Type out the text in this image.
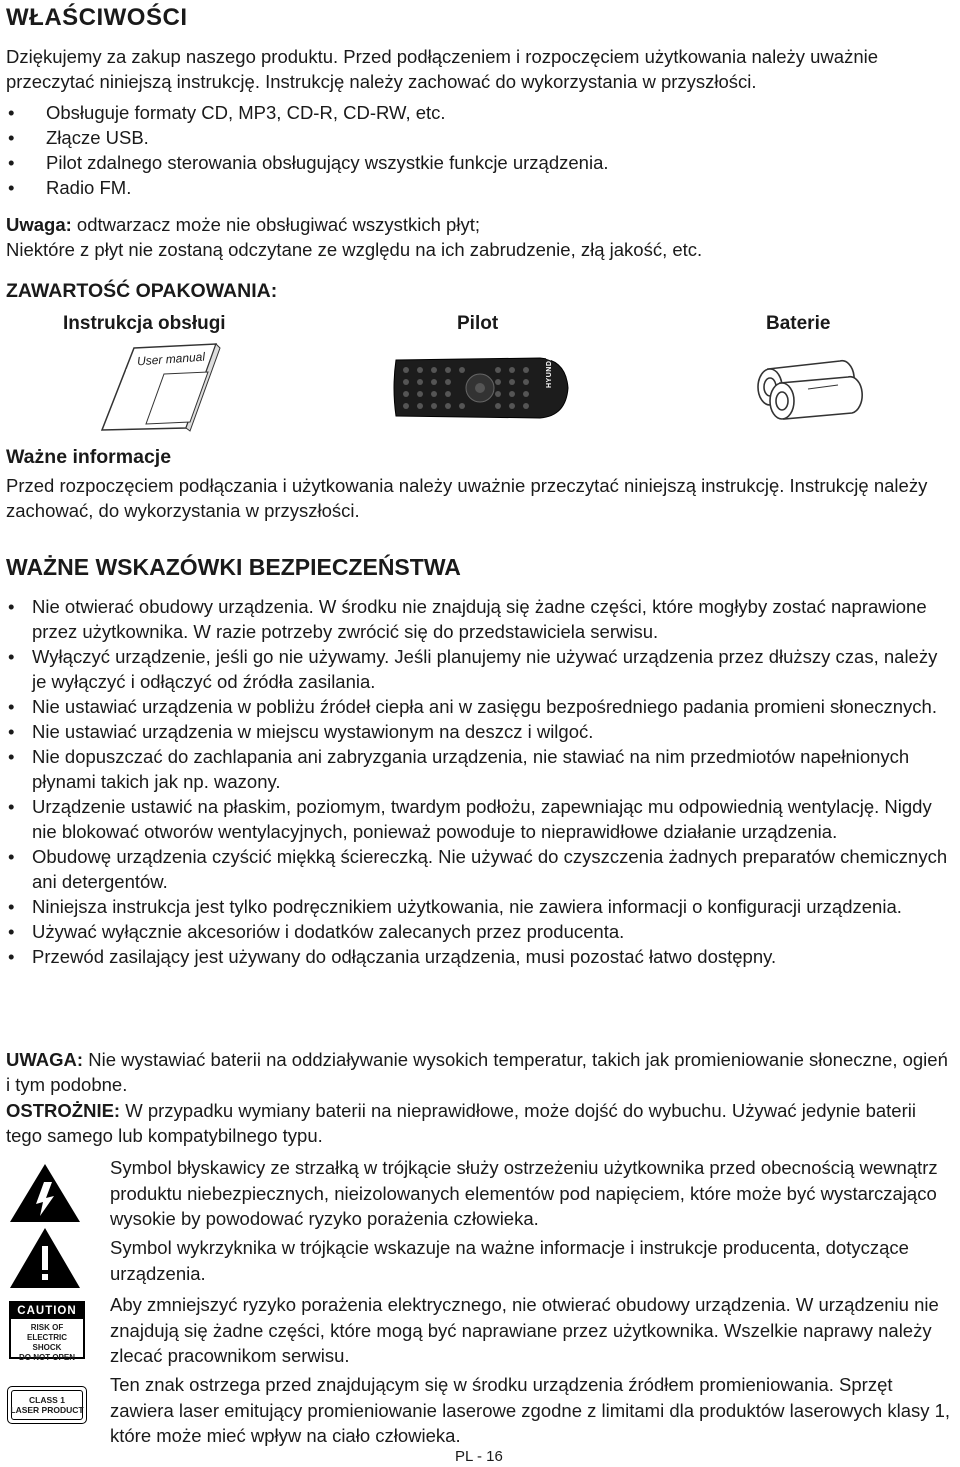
WŁAŚCIWOŚCI

Dziękujemy za zakup naszego produktu. Przed podłączeniem i rozpoczęciem użytkowania należy uważnie przeczytać niniejszą instrukcję. Instrukcję należy zachować do wykorzystania w przyszłości.

• Obsługuje formaty CD, MP3, CD-R, CD-RW, etc.
• Złącze USB.
• Pilot zdalnego sterowania obsługujący wszystkie funkcje urządzenia.
• Radio FM.

Uwaga: odtwarzacz może nie obsługiwać wszystkich płyt;
Niektóre z płyt nie zostaną odczytane ze względu na ich zabrudzenie, złą jakość, etc.

ZAWARTOŚĆ OPAKOWANIA:
Instrukcja obsługi	Pilot	Baterie
User manual	HYUNDAI
Ważne informacje

Przed rozpoczęciem podłączania i użytkowania należy uważnie przeczytać niniejszą instrukcję. Instrukcję należy zachować, do wykorzystania w przyszłości.

WAŻNE WSKAZÓWKI BEZPIECZEŃSTWA
• Nie otwierać obudowy urządzenia. W środku nie znajdują się żadne części, które mogłyby zostać naprawione przez użytkownika. W razie potrzeby zwrócić się do przedstawiciela serwisu.
• Wyłączyć urządzenie, jeśli go nie używamy. Jeśli planujemy nie używać urządzenia przez dłuższy czas, należy je wyłączyć i odłączyć od źródła zasilania.
• Nie ustawiać urządzenia w pobliżu źródeł ciepła ani w zasięgu bezpośredniego padania promieni słonecznych.
• Nie ustawiać urządzenia w miejscu wystawionym na deszcz i wilgoć.
• Nie dopuszczać do zachlapania ani zabryzgania urządzenia, nie stawiać na nim przedmiotów napełnionych płynami takich jak np. wazony.
• Urządzenie ustawić na płaskim, poziomym, twardym podłożu, zapewniając mu odpowiednią wentylację. Nigdy nie blokować otworów wentylacyjnych, ponieważ powoduje to nieprawidłowe działanie urządzenia.
• Obudowę urządzenia czyścić miękką ściereczką. Nie używać do czyszczenia żadnych preparatów chemicznych ani detergentów.
• Niniejsza instrukcja jest tylko podręcznikiem użytkowania, nie zawiera informacji o konfiguracji urządzenia.
• Używać wyłącznie akcesoriów i dodatków zalecanych przez producenta.
• Przewód zasilający jest używany do odłączania urządzenia, musi pozostać łatwo dostępny.

UWAGA: Nie wystawiać baterii na oddziaływanie wysokich temperatur, takich jak promieniowanie słoneczne, ogień i tym podobne.

OSTROŻNIE: W przypadku wymiany baterii na nieprawidłowe, może dojść do wybuchu. Używać jedynie baterii tego samego lub kompatybilnego typu.

CAUTION
RISK OF ELECTRIC
SHOCK
DO NOT OPEN
CLASS 1
LASER PRODUCT

Symbol błyskawicy ze strzałką w trójkącie służy ostrzeżeniu użytkownika przed obecnością wewnątrz produktu niebezpiecznych, nieizolowanych elementów pod napięciem, które może być wystarczająco wysokie by powodować ryzyko porażenia człowieka.

Symbol wykrzyknika w trójkącie wskazuje na ważne informacje i instrukcje producenta, dotyczące urządzenia.

Aby zmniejszyć ryzyko porażenia elektrycznego, nie otwierać obudowy urządzenia. W urządzeniu nie znajdują się żadne części, które mogą być naprawiane przez użytkownika. Wszelkie naprawy należy zlecać pracownikom serwisu.

Ten znak ostrzega przed znajdującym się w środku urządzenia źródłem promieniowania. Sprzęt zawiera laser emitujący promieniowanie laserowe zgodne z limitami dla produktów laserowych klasy 1, które może mieć wpływ na ciało człowieka.

PL - 16
